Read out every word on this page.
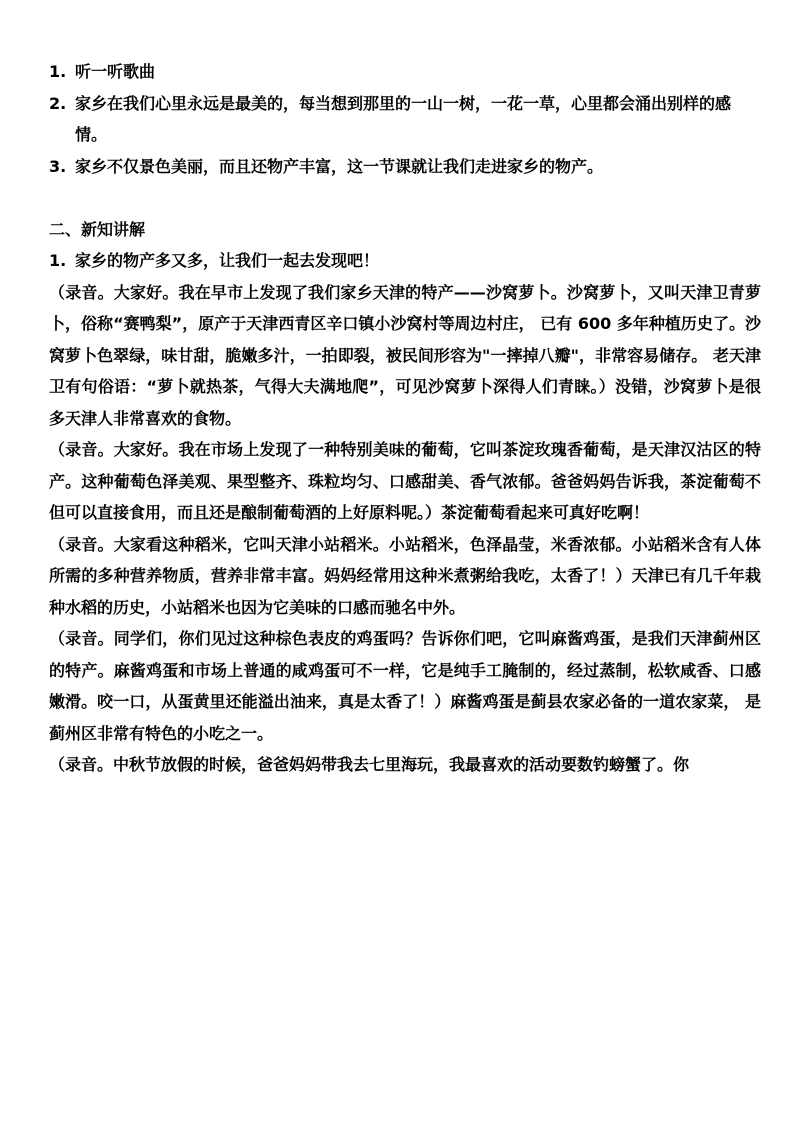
1. 听一听歌曲
2. 家乡在我们心里永远是最美的，每当想到那里的一山一树，一花一草，心里都会涌出别样的感情。
3. 家乡不仅景色美丽，而且还物产丰富，这一节课就让我们走进家乡的物产。
二、新知讲解
1. 家乡的物产多又多，让我们一起去发现吧！

（录音。大家好。我在早市上发现了我们家乡天津的特产——沙窝萝卜。沙窝萝卜，又叫天津卫青萝卜，俗称“赛鸭梨”，原产于天津西青区辛口镇小沙窝村等周边村庄， 已有 600 多年种植历史了。沙窝萝卜色翠绿，味甘甜，脆嫩多汁，一拍即裂，被民间形容为"一摔掉八瓣"，非常容易储存。 老天津卫有句俗语：“萝卜就热茶，气得大夫满地爬”，可见沙窝萝卜深得人们青睐。）没错，沙窝萝卜是很多天津人非常喜欢的食物。

（录音。大家好。我在市场上发现了一种特别美味的葡萄，它叫茶淀玫瑰香葡萄，是天津汉沽区的特产。这种葡萄色泽美观、果型整齐、珠粒均匀、口感甜美、香气浓郁。爸爸妈妈告诉我，茶淀葡萄不但可以直接食用，而且还是酿制葡萄酒的上好原料呢。）茶淀葡萄看起来可真好吃啊！

（录音。大家看这种稻米，它叫天津小站稻米。小站稻米，色泽晶莹，米香浓郁。小站稻米含有人体所需的多种营养物质，营养非常丰富。妈妈经常用这种米煮粥给我吃，太香了！）天津已有几千年栽种水稻的历史，小站稻米也因为它美味的口感而驰名中外。

（录音。同学们，你们见过这种棕色表皮的鸡蛋吗？告诉你们吧，它叫麻酱鸡蛋，是我们天津蓟州区的特产。麻酱鸡蛋和市场上普通的咸鸡蛋可不一样，它是纯手工腌制的，经过蒸制，松软咸香、口感嫩滑。咬一口，从蛋黄里还能溢出油来，真是太香了！）麻酱鸡蛋是蓟县农家必备的一道农家菜， 是蓟州区非常有特色的小吃之一。

（录音。中秋节放假的时候，爸爸妈妈带我去七里海玩，我最喜欢的活动要数钓螃蟹了。你
